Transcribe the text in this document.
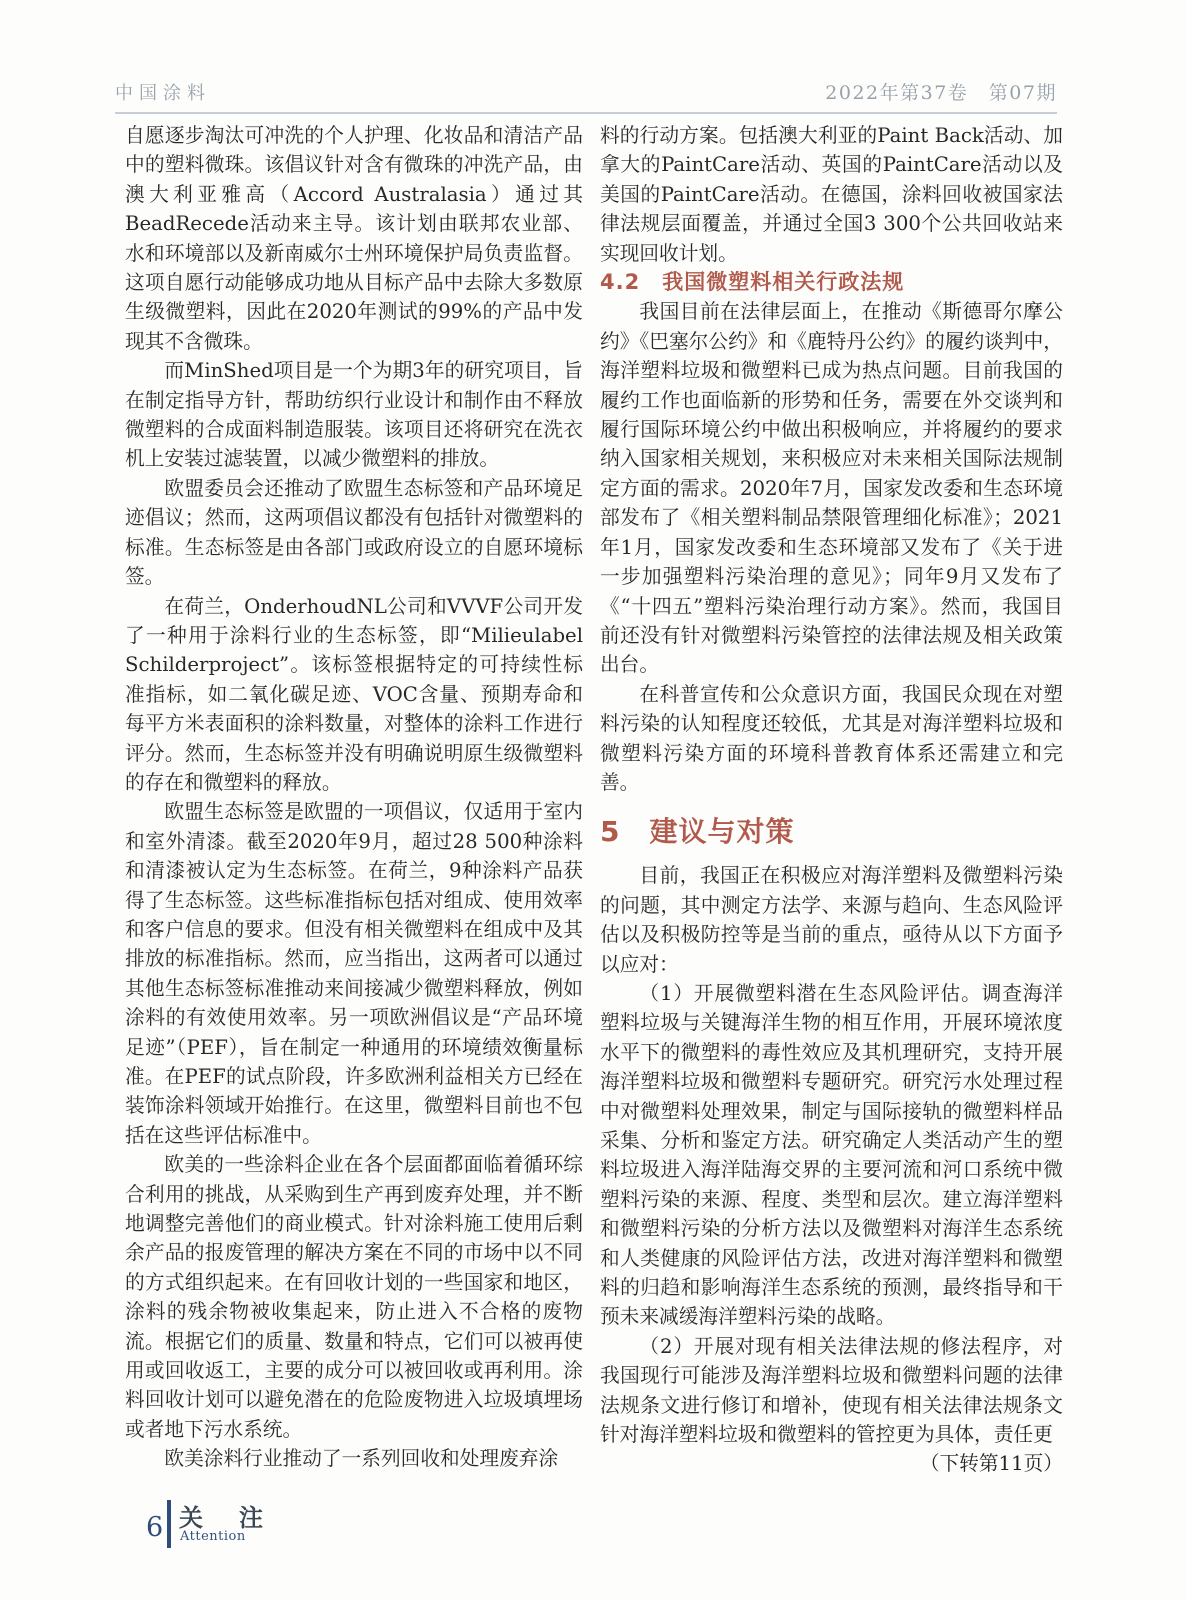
中国涂料	2022年第37卷　第07期

自愿逐步淘汰可冲洗的个人护理、化妆品和清洁产品中的塑料微珠。该倡议针对含有微珠的冲洗产品，由澳大利亚雅高（Accord Australasia）通过其BeadRecede活动来主导。该计划由联邦农业部、水和环境部以及新南威尔士州环境保护局负责监督。这项自愿行动能够成功地从目标产品中去除大多数原生级微塑料，因此在2020年测试的99%的产品中发现其不含微珠。

而MinShed项目是一个为期3年的研究项目，旨在制定指导方针，帮助纺织行业设计和制作由不释放微塑料的合成面料制造服装。该项目还将研究在洗衣机上安装过滤装置，以减少微塑料的排放。

欧盟委员会还推动了欧盟生态标签和产品环境足迹倡议；然而，这两项倡议都没有包括针对微塑料的标准。生态标签是由各部门或政府设立的自愿环境标签。

在荷兰，OnderhoudNL公司和VVVF公司开发了一种用于涂料行业的生态标签，即“Milieulabel Schilderproject”。该标签根据特定的可持续性标准指标，如二氧化碳足迹、VOC含量、预期寿命和每平方米表面积的涂料数量，对整体的涂料工作进行评分。然而，生态标签并没有明确说明原生级微塑料的存在和微塑料的释放。

欧盟生态标签是欧盟的一项倡议，仅适用于室内和室外清漆。截至2020年9月，超过28 500种涂料和清漆被认定为生态标签。在荷兰，9种涂料产品获得了生态标签。这些标准指标包括对组成、使用效率和客户信息的要求。但没有相关微塑料在组成中及其排放的标准指标。然而，应当指出，这两者可以通过其他生态标签标准推动来间接减少微塑料释放，例如涂料的有效使用效率。另一项欧洲倡议是“产品环境足迹”（PEF），旨在制定一种通用的环境绩效衡量标准。在PEF的试点阶段，许多欧洲利益相关方已经在装饰涂料领域开始推行。在这里，微塑料目前也不包括在这些评估标准中。

欧美的一些涂料企业在各个层面都面临着循环综合利用的挑战，从采购到生产再到废弃处理，并不断地调整完善他们的商业模式。针对涂料施工使用后剩余产品的报废管理的解决方案在不同的市场中以不同的方式组织起来。在有回收计划的一些国家和地区，涂料的残余物被收集起来，防止进入不合格的废物流。根据它们的质量、数量和特点，它们可以被再使用或回收返工，主要的成分可以被回收或再利用。涂料回收计划可以避免潜在的危险废物进入垃圾填埋场或者地下污水系统。

欧美涂料行业推动了一系列回收和处理废弃涂

料的行动方案。包括澳大利亚的Paint Back活动、加拿大的PaintCare活动、英国的PaintCare活动以及美国的PaintCare活动。在德国，涂料回收被国家法律法规层面覆盖，并通过全国3 300个公共回收站来实现回收计划。

4.2　我国微塑料相关行政法规

我国目前在法律层面上，在推动《斯德哥尔摩公约》《巴塞尔公约》和《鹿特丹公约》的履约谈判中，海洋塑料垃圾和微塑料已成为热点问题。目前我国的履约工作也面临新的形势和任务，需要在外交谈判和履行国际环境公约中做出积极响应，并将履约的要求纳入国家相关规划，来积极应对未来相关国际法规制定方面的需求。2020年7月，国家发改委和生态环境部发布了《相关塑料制品禁限管理细化标准》；2021年1月，国家发改委和生态环境部又发布了《关于进一步加强塑料污染治理的意见》；同年9月又发布了《“十四五”塑料污染治理行动方案》。然而，我国目前还没有针对微塑料污染管控的法律法规及相关政策出台。

在科普宣传和公众意识方面，我国民众现在对塑料污染的认知程度还较低，尤其是对海洋塑料垃圾和微塑料污染方面的环境科普教育体系还需建立和完善。

5　建议与对策

目前，我国正在积极应对海洋塑料及微塑料污染的问题，其中测定方法学、来源与趋向、生态风险评估以及积极防控等是当前的重点，亟待从以下方面予以应对：

（1）开展微塑料潜在生态风险评估。调查海洋塑料垃圾与关键海洋生物的相互作用，开展环境浓度水平下的微塑料的毒性效应及其机理研究，支持开展海洋塑料垃圾和微塑料专题研究。研究污水处理过程中对微塑料处理效果，制定与国际接轨的微塑料样品采集、分析和鉴定方法。研究确定人类活动产生的塑料垃圾进入海洋陆海交界的主要河流和河口系统中微塑料污染的来源、程度、类型和层次。建立海洋塑料和微塑料污染的分析方法以及微塑料对海洋生态系统和人类健康的风险评估方法，改进对海洋塑料和微塑料的归趋和影响海洋生态系统的预测，最终指导和干预未来减缓海洋塑料污染的战略。

（2）开展对现有相关法律法规的修法程序，对我国现行可能涉及海洋塑料垃圾和微塑料问题的法律法规条文进行修订和增补，使现有相关法律法规条文针对海洋塑料垃圾和微塑料的管控更为具体，责任更

（下转第11页）

6 关　注
Attention
